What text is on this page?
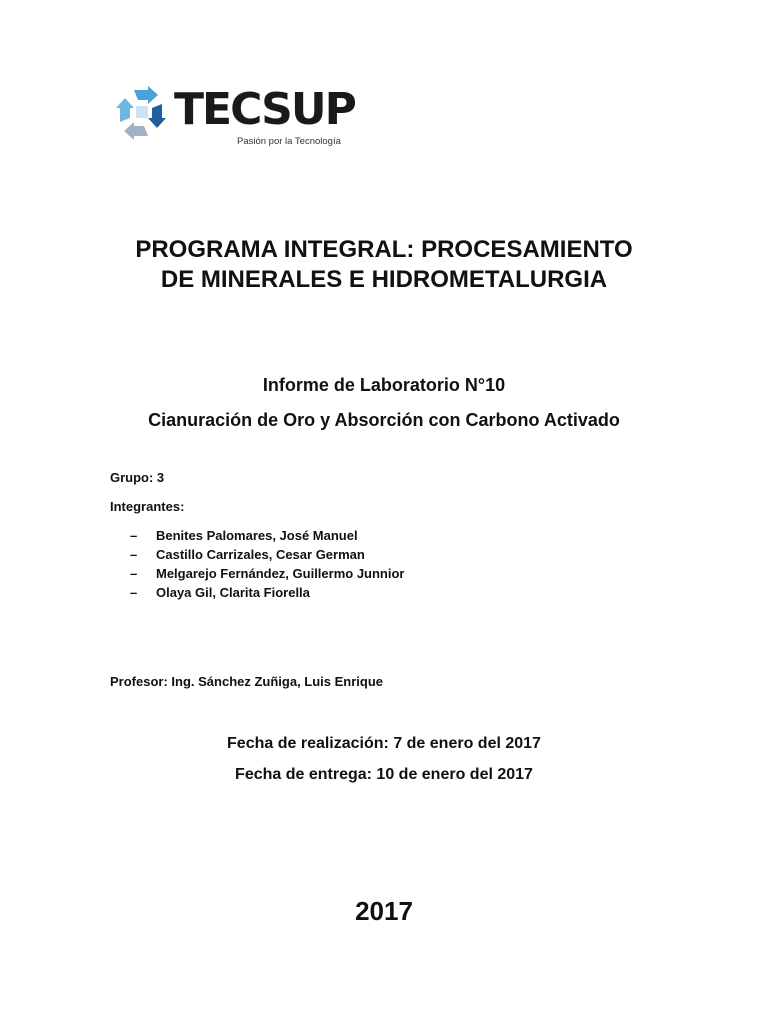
TECSUP
Pasión por la Tecnología
PROGRAMA INTEGRAL: PROCESAMIENTO
DE MINERALES E HIDROMETALURGIA
Informe de Laboratorio N°10
Cianuración de Oro y Absorción con Carbono Activado
Grupo: 3
Integrantes:
– Benites Palomares, José Manuel
– Castillo Carrizales, Cesar German
– Melgarejo Fernández, Guillermo Junnior
– Olaya Gil, Clarita Fiorella
Profesor: Ing. Sánchez Zuñiga, Luis Enrique
Fecha de realización: 7 de enero del 2017
Fecha de entrega: 10 de enero del 2017
2017
